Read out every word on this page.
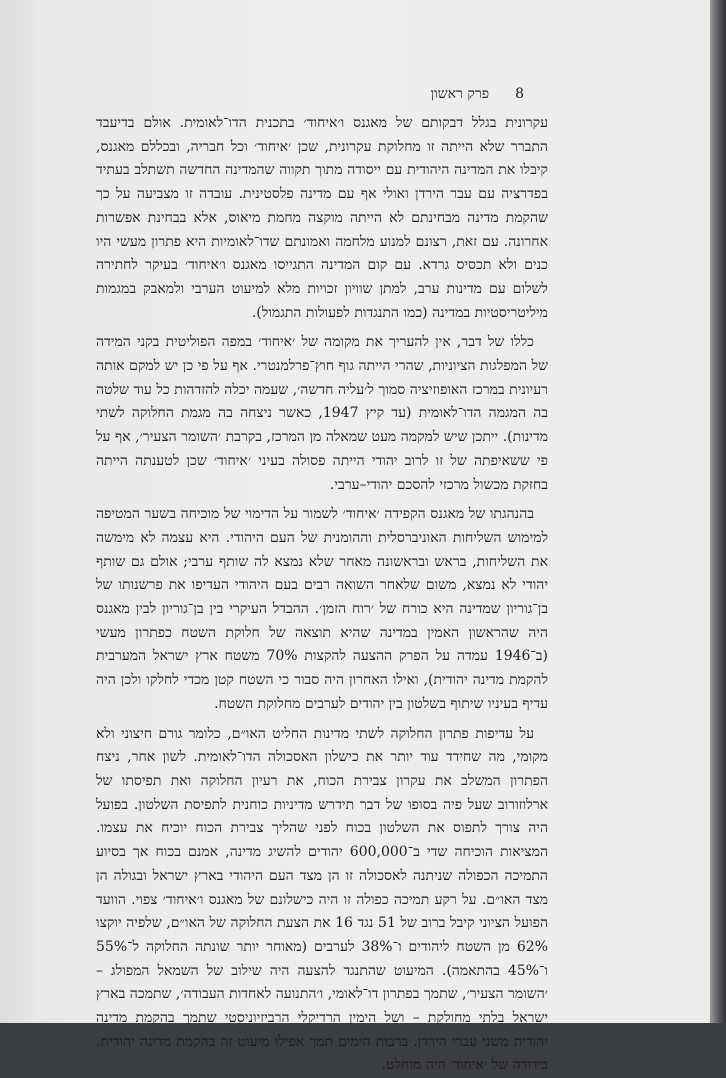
8
פרק ראשון

עקרונית בגלל דבקותם של מאגנס ו׳איחוד׳ בתכנית הדו־לאומית. אולם בדיעבד התברר שלא הייתה זו מחלוקת עקרונית, שכן ׳איחוד׳ וכל חבריה, ובכללם מאגנס, קיבלו את המדינה היהודית עם ייסודה מתוך תקווה שהמדינה החדשה תשתלב בעתיד בפדרציה עם עבר הירדן ואולי אף עם מדינה פלסטינית. עובדה זו מצביעה על כך שהקמת מדינה מבחינתם לא הייתה מוקצה מחמת מיאוס, אלא בבחינת אפשרות אחרונה. עם זאת, רצונם למנוע מלחמה ואמונתם שדו־לאומיות היא פתרון מעשי היו כנים ולא תכסיס גרדא. עם קום המדינה התגייסו מאגנס ו׳איחוד׳ בעיקר לחתירה לשלום עם מדינות ערב, למתן שוויון זכויות מלא למיעוט הערבי ולמאבק במגמות מיליטריסטיות במדינה (כמו התנגדות לפעולות התגמול).

כללו של דבר, אין להעריך את מקומה של ׳איחוד׳ במפה הפוליטית בקני המידה של המפלגות הציוניות, שהרי הייתה גוף חוץ־פרלמנטרי. אף על פי כן יש למקם אותה רעיונית במרכז האופוזיציה סמוך ל׳עליה חדשה׳, שעמה יכלה להזדהות כל עוד שלטה בה המגמה הדו־לאומית (עד קיץ 1947, כאשר ניצחה בה מגמת החלוקה לשתי מדינות). ייתכן שיש למקמה מעט שמאלה מן המרכז, בקרבת ׳השומר הצעיר׳, אף על פי ששאיפתה של זו לרוב יהודי הייתה פסולה בעיני ׳איחוד׳ שכן לטענתה הייתה בחזקת מכשול מרכזי להסכם יהודי–ערבי.

בהנהגתו של מאגנס הקפידה ׳איחוד׳ לשמור על הדימוי של מוכיחה בשער המטיפה למימוש השליחות האוניברסלית וההומנית של העם היהודי. היא עצמה לא מימשה את השליחות, בראש ובראשונה מאחר שלא נמצא לה שותף ערבי; אולם גם שותף יהודי לא נמצא, משום שלאחר השואה רבים בעם היהודי העדיפו את פרשנותו של בן־גוריון שמדינה היא כורח של ׳רוח הזמן׳. ההבדל העיקרי בין בן־גוריון לבין מאגנס היה שהראשון האמין במדינה שהיא תוצאה של חלוקת השטח כפתרון מעשי (ב־1946 עמדה על הפרק ההצעה להקצות 70% משטח ארץ ישראל המערבית להקמת מדינה יהודית), ואילו האחרון היה סבור כי השטח קטן מכדי לחלקו ולכן היה עדיף בעיניו שיתוף בשלטון בין יהודים לערבים מחלוקת השטח.

על עדיפות פתרון החלוקה לשתי מדינות החליט האו״ם, כלומר גורם חיצוני ולא מקומי, מה שחידד עוד יותר את כישלון האסכולה הדו־לאומית. לשון אחר, ניצח הפתרון המשלב את עקרון צבירת הכוח, את רעיון החלוקה ואת תפיסתו של ארלוזורוב שעל פיה בסופו של דבר תידרש מדיניות כוחנית לתפיסת השלטון. בפועל היה צורך לתפוס את השלטון בכוח לפני שהליך צבירת הכוח יוכיח את עצמו. המציאות הוכיחה שדי ב־600,000 יהודים להשיג מדינה, אמנם בכוח אך בסיוע התמיכה הכפולה שניתנה לאסכולה זו הן מצד העם היהודי בארץ ישראל ובגולה הן מצד האו״ם. על רקע תמיכה כפולה זו היה כישלונם של מאגנס ו׳איחוד׳ צפוי. הוועד הפועל הציוני קיבל ברוב של 51 נגד 16 את הצעת החלוקה של האו״ם, שלפיה יוקצו 62% מן השטח ליהודים ו־38% לערבים (מאוחר יותר שונתה החלוקה ל־55% ו־45% בהתאמה). המיעוט שהתנגד להצעה היה שילוב של השמאל המפולג – ׳השומר הצעיר׳, שתמך בפתרון דו־לאומי, ו׳התנועה לאחדות העבודה׳, שתמכה בארץ ישראל בלתי מחולקת – ושל הימין הרדיקלי הרביזיוניסטי שתמך בהקמת מדינה יהודית משני עברי הירדן. ברבות הימים תמך אפילו מיעוט זה בהקמת מדינה יהודית. בידודה של ׳איחוד׳ היה מוחלט.
